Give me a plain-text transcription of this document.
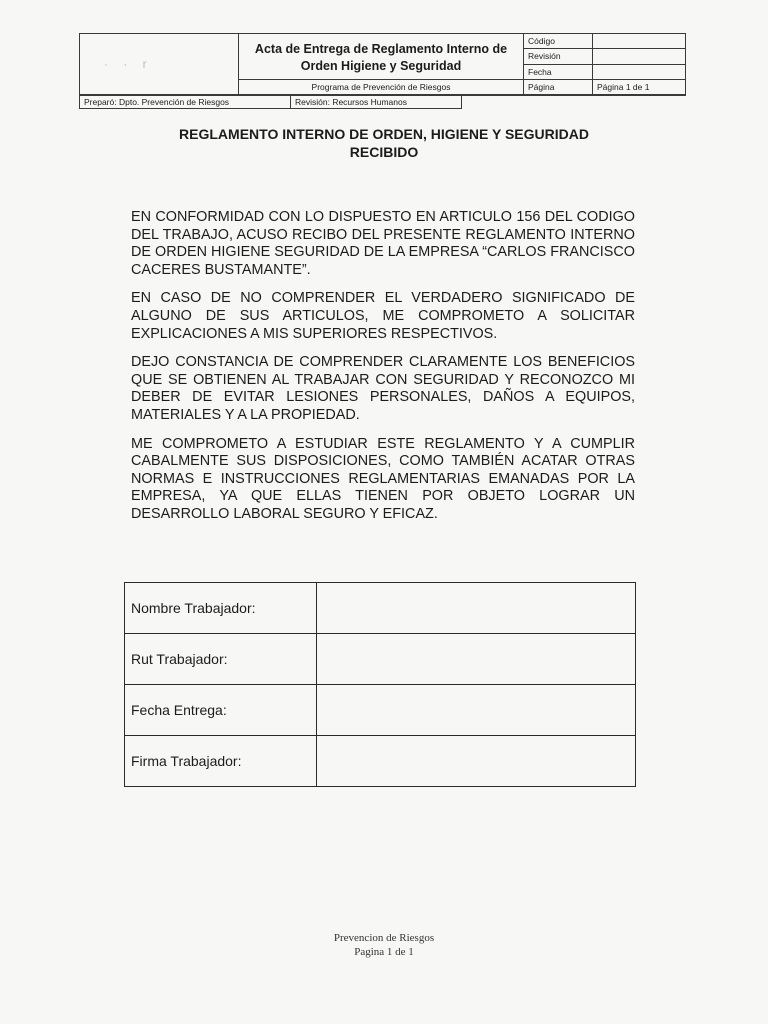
· · r	Acta de Entrega de Reglamento Interno de Orden Higiene y Seguridad	Código	
		Revisión	
		Fecha	
	Programa de Prevención de Riesgos	Página	Página 1 de 1
Preparó: Dpto. Prevención de Riesgos	Revisión: Recursos Humanos	
REGLAMENTO INTERNO DE ORDEN, HIGIENE Y SEGURIDAD
RECIBIDO

EN CONFORMIDAD CON LO DISPUESTO EN ARTICULO 156 DEL CODIGO DEL TRABAJO, ACUSO RECIBO DEL PRESENTE REGLAMENTO INTERNO DE ORDEN HIGIENE SEGURIDAD DE LA EMPRESA “CARLOS FRANCISCO CACERES BUSTAMANTE”.

EN CASO DE NO COMPRENDER EL VERDADERO SIGNIFICADO DE ALGUNO DE SUS ARTICULOS, ME COMPROMETO A SOLICITAR EXPLICACIONES A MIS SUPERIORES RESPECTIVOS.

DEJO CONSTANCIA DE COMPRENDER CLARAMENTE LOS BENEFICIOS QUE SE OBTIENEN AL TRABAJAR CON SEGURIDAD Y RECONOZCO MI DEBER DE EVITAR LESIONES PERSONALES, DAÑOS A EQUIPOS, MATERIALES Y A LA PROPIEDAD.

ME COMPROMETO A ESTUDIAR ESTE REGLAMENTO Y A CUMPLIR CABALMENTE SUS DISPOSICIONES, COMO TAMBIÉN ACATAR OTRAS NORMAS E INSTRUCCIONES REGLAMENTARIAS EMANADAS POR LA EMPRESA, YA QUE ELLAS TIENEN POR OBJETO LOGRAR UN DESARROLLO LABORAL SEGURO Y EFICAZ.

Nombre Trabajador:	
Rut Trabajador:	
Fecha Entrega:	
Firma Trabajador:	
Prevencion de Riesgos
Pagina 1 de 1
